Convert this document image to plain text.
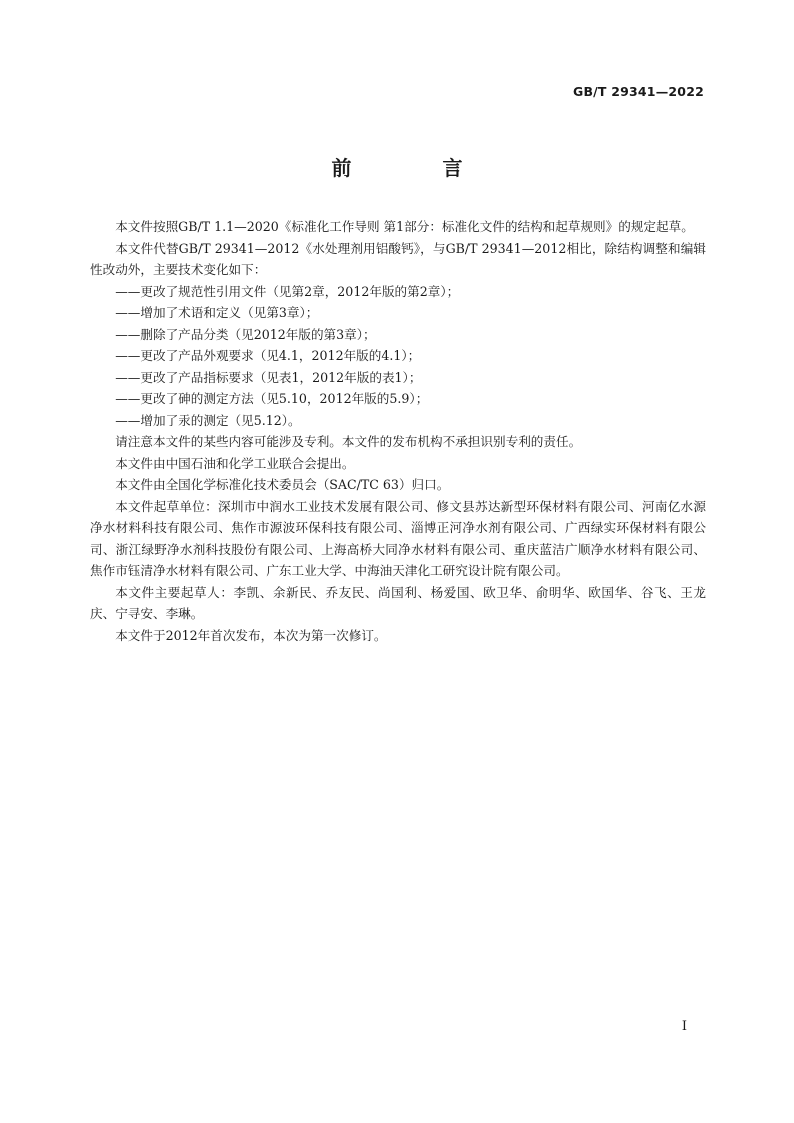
GB/T 29341—2022
前 言

本文件按照GB/T 1.1—2020《标准化工作导则 第1部分：标准化文件的结构和起草规则》的规定起草。

本文件代替GB/T 29341—2012《水处理剂用铝酸钙》，与GB/T 29341—2012相比，除结构调整和编辑性改动外，主要技术变化如下：

——更改了规范性引用文件（见第2章，2012年版的第2章）；

——增加了术语和定义（见第3章）；

——删除了产品分类（见2012年版的第3章）；

——更改了产品外观要求（见4.1，2012年版的4.1）；

——更改了产品指标要求（见表1，2012年版的表1）；

——更改了砷的测定方法（见5.10，2012年版的5.9）；

——增加了汞的测定（见5.12）。

请注意本文件的某些内容可能涉及专利。本文件的发布机构不承担识别专利的责任。

本文件由中国石油和化学工业联合会提出。

本文件由全国化学标准化技术委员会（SAC/TC 63）归口。

本文件起草单位：深圳市中润水工业技术发展有限公司、修文县苏达新型环保材料有限公司、河南亿水源净水材料科技有限公司、焦作市源波环保科技有限公司、淄博正河净水剂有限公司、广西绿实环保材料有限公司、浙江绿野净水剂科技股份有限公司、上海高桥大同净水材料有限公司、重庆蓝洁广顺净水材料有限公司、焦作市钰清净水材料有限公司、广东工业大学、中海油天津化工研究设计院有限公司。

本文件主要起草人：李凯、余新民、乔友民、尚国利、杨爱国、欧卫华、俞明华、欧国华、谷飞、王龙庆、宁寻安、李琳。

本文件于2012年首次发布，本次为第一次修订。

I
